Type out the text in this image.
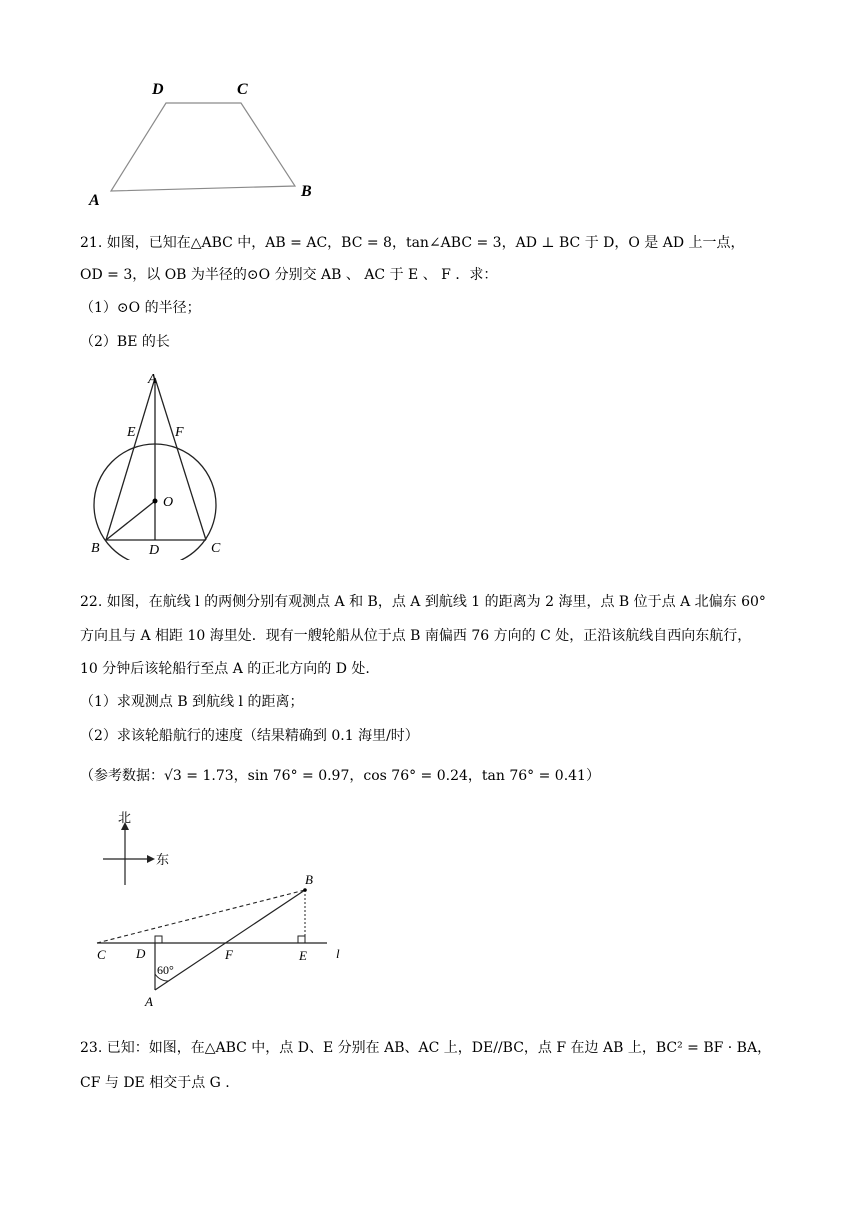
D	C
A
B
21. 如图，已知在△ABC 中，AB = AC，BC = 8，tan∠ABC = 3，AD ⊥ BC 于 D，O 是 AD 上一点，
OD = 3，以 OB 为半径的⊙O 分别交 AB 、 AC 于 E 、 F ．求：
（1）⊙O 的半径；
（2）BE 的长
A
E	F
O
B	D	C
22. 如图，在航线 l 的两侧分别有观测点 A 和 B，点 A 到航线 1 的距离为 2 海里，点 B 位于点 A 北偏东 60°
方向且与 A 相距 10 海里处．现有一艘轮船从位于点 B 南偏西 76 方向的 C 处，正沿该航线自西向东航行，
10 分钟后该轮船行至点 A 的正北方向的 D 处.
（1）求观测点 B 到航线 l 的距离；
（2）求该轮船航行的速度（结果精确到 0.1 海里/时）
（参考数据：√3 = 1.73，sin 76° = 0.97，cos 76° = 0.24，tan 76° = 0.41）
北
东
60°
B
C D	F	E l
A
23. 已知：如图，在△ABC 中，点 D、E 分别在 AB、AC 上，DE//BC，点 F 在边 AB 上，BC² = BF · BA，
CF 与 DE 相交于点 G .
